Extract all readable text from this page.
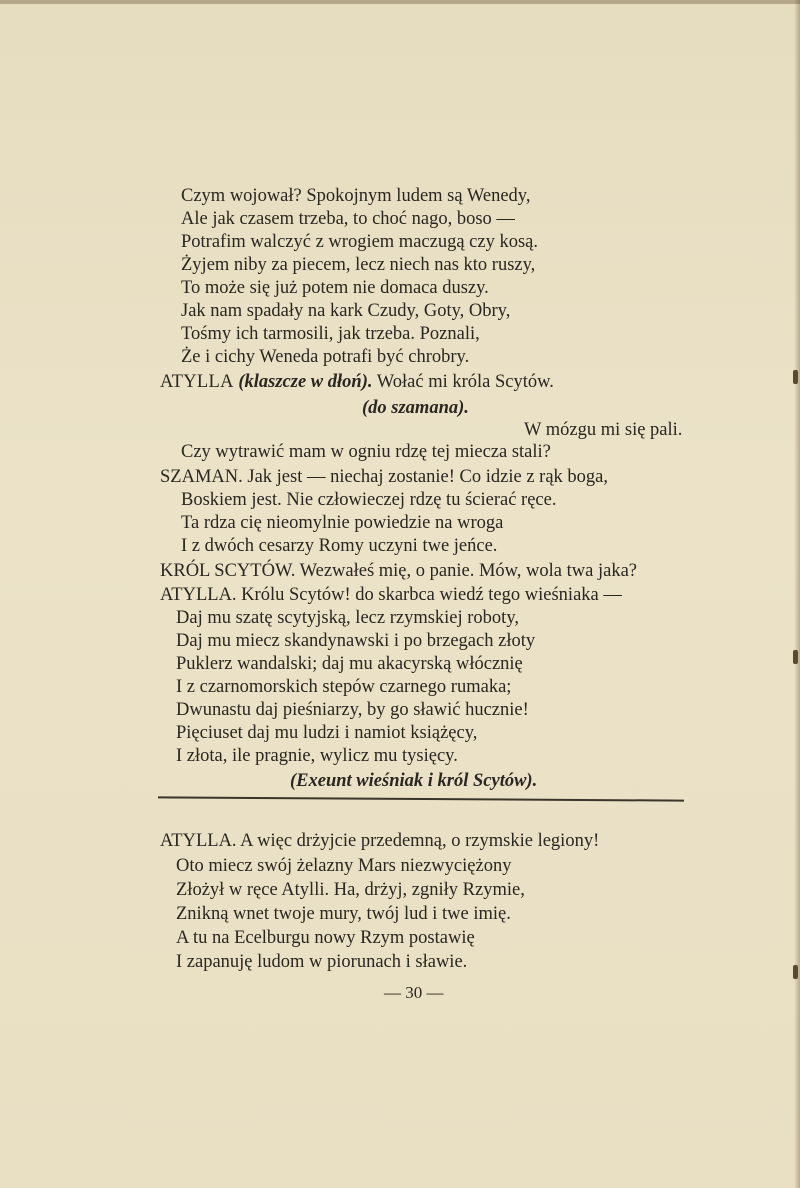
Czym wojował? Spokojnym ludem są Wenedy,
Ale jak czasem trzeba, to choć nago, boso —
Potrafim walczyć z wrogiem maczugą czy kosą.
Żyjem niby za piecem, lecz niech nas kto ruszy,
To może się już potem nie domaca duszy.
Jak nam spadały na kark Czudy, Goty, Obry,
Tośmy ich tarmosili, jak trzeba. Poznali,
Że i cichy Weneda potrafi być chrobry.
ATYLLA (klaszcze w dłoń). Wołać mi króla Scytów.
(do szamana).
W mózgu mi się pali.
Czy wytrawić mam w ogniu rdzę tej miecza stali?
SZAMAN. Jak jest — niechaj zostanie! Co idzie z rąk boga,
Boskiem jest. Nie człowieczej rdzę tu ścierać ręce.
Ta rdza cię nieomylnie powiedzie na wroga
I z dwóch cesarzy Romy uczyni twe jeńce.
KRÓL SCYTÓW. Wezwałeś mię, o panie. Mów, wola twa jaka?
ATYLLA. Królu Scytów! do skarbca wiedź tego wieśniaka —
Daj mu szatę scytyjską, lecz rzymskiej roboty,
Daj mu miecz skandynawski i po brzegach złoty
Puklerz wandalski; daj mu akacyrską włócznię
I z czarnomorskich stepów czarnego rumaka;
Dwunastu daj pieśniarzy, by go sławić hucznie!
Pięciuset daj mu ludzi i namiot książęcy,
I złota, ile pragnie, wylicz mu tysięcy.
(Exeunt wieśniak i król Scytów).
ATYLLA. A więc drżyjcie przedemną, o rzymskie legiony!
Oto miecz swój żelazny Mars niezwyciężony
Złożył w ręce Atylli. Ha, drżyj, zgniły Rzymie,
Znikną wnet twoje mury, twój lud i twe imię.
A tu na Ecelburgu nowy Rzym postawię
I zapanuję ludom w piorunach i sławie.
— 30 —
